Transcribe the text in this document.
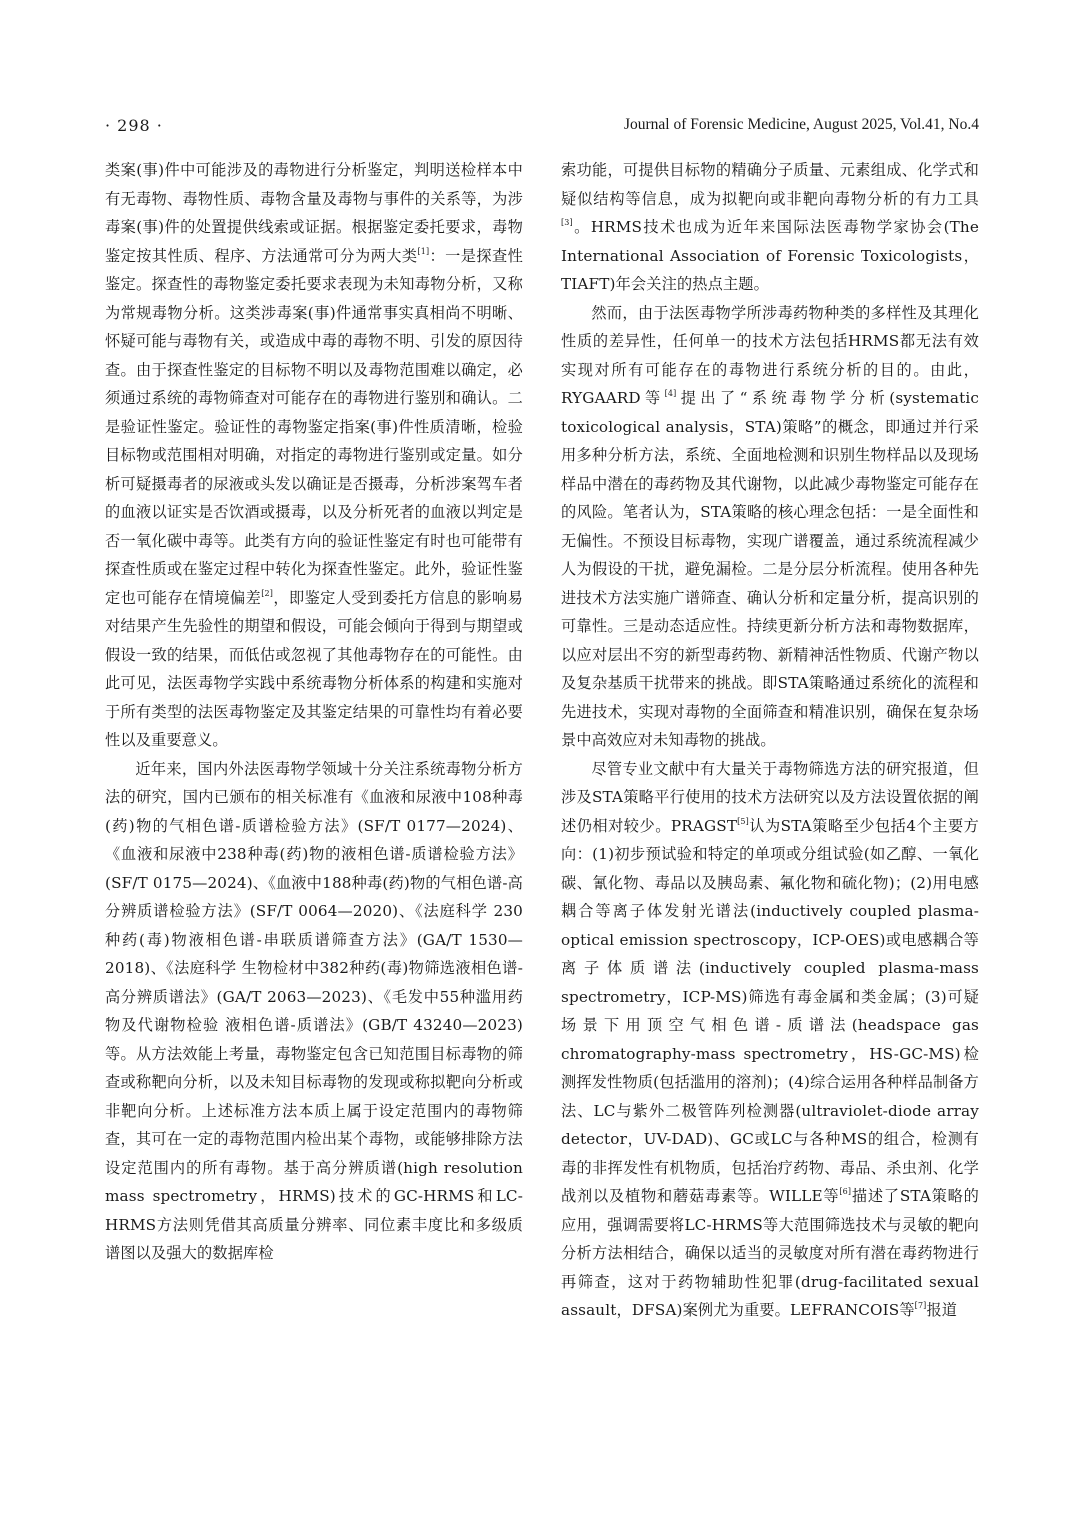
· 298 ·	Journal of Forensic Medicine, August 2025, Vol.41, No.4

类案(事)件中可能涉及的毒物进行分析鉴定，判明送检样本中有无毒物、毒物性质、毒物含量及毒物与事件的关系等，为涉毒案(事)件的处置提供线索或证据。根据鉴定委托要求，毒物鉴定按其性质、程序、方法通常可分为两大类[1]：一是探查性鉴定。探查性的毒物鉴定委托要求表现为未知毒物分析，又称为常规毒物分析。这类涉毒案(事)件通常事实真相尚不明晰、怀疑可能与毒物有关，或造成中毒的毒物不明、引发的原因待查。由于探查性鉴定的目标物不明以及毒物范围难以确定，必须通过系统的毒物筛查对可能存在的毒物进行鉴别和确认。二是验证性鉴定。验证性的毒物鉴定指案(事)件性质清晰，检验目标物或范围相对明确，对指定的毒物进行鉴别或定量。如分析可疑摄毒者的尿液或头发以确证是否摄毒，分析涉案驾车者的血液以证实是否饮酒或摄毒，以及分析死者的血液以判定是否一氧化碳中毒等。此类有方向的验证性鉴定有时也可能带有探查性质或在鉴定过程中转化为探查性鉴定。此外，验证性鉴定也可能存在情境偏差[2]，即鉴定人受到委托方信息的影响易对结果产生先验性的期望和假设，可能会倾向于得到与期望或假设一致的结果，而低估或忽视了其他毒物存在的可能性。由此可见，法医毒物学实践中系统毒物分析体系的构建和实施对于所有类型的法医毒物鉴定及其鉴定结果的可靠性均有着必要性以及重要意义。

近年来，国内外法医毒物学领域十分关注系统毒物分析方法的研究，国内已颁布的相关标准有《血液和尿液中108种毒(药)物的气相色谱-质谱检验方法》(SF/T 0177—2024)、《血液和尿液中238种毒(药)物的液相色谱-质谱检验方法》(SF/T 0175—2024)、《血液中188种毒(药)物的气相色谱-高分辨质谱检验方法》(SF/T 0064—2020)、《法庭科学 230种药(毒)物液相色谱-串联质谱筛查方法》(GA/T 1530—2018)、《法庭科学 生物检材中382种药(毒)物筛选液相色谱-高分辨质谱法》(GA/T 2063—2023)、《毛发中55种滥用药物及代谢物检验 液相色谱-质谱法》(GB/T 43240—2023)等。从方法效能上考量，毒物鉴定包含已知范围目标毒物的筛查或称靶向分析，以及未知目标毒物的发现或称拟靶向分析或非靶向分析。上述标准方法本质上属于设定范围内的毒物筛查，其可在一定的毒物范围内检出某个毒物，或能够排除方法设定范围内的所有毒物。基于高分辨质谱(high resolution mass spectrometry，HRMS)技术的GC-HRMS和LC-HRMS方法则凭借其高质量分辨率、同位素丰度比和多级质谱图以及强大的数据库检

索功能，可提供目标物的精确分子质量、元素组成、化学式和疑似结构等信息，成为拟靶向或非靶向毒物分析的有力工具[3]。HRMS技术也成为近年来国际法医毒物学家协会(The International Association of Forensic Toxicologists，TIAFT)年会关注的热点主题。

然而，由于法医毒物学所涉毒药物种类的多样性及其理化性质的差异性，任何单一的技术方法包括HRMS都无法有效实现对所有可能存在的毒物进行系统分析的目的。由此，RYGAARD等[4]提出了“系统毒物学分析(systematic toxicological analysis，STA)策略”的概念，即通过并行采用多种分析方法，系统、全面地检测和识别生物样品以及现场样品中潜在的毒药物及其代谢物，以此减少毒物鉴定可能存在的风险。笔者认为，STA策略的核心理念包括：一是全面性和无偏性。不预设目标毒物，实现广谱覆盖，通过系统流程减少人为假设的干扰，避免漏检。二是分层分析流程。使用各种先进技术方法实施广谱筛查、确认分析和定量分析，提高识别的可靠性。三是动态适应性。持续更新分析方法和毒物数据库，以应对层出不穷的新型毒药物、新精神活性物质、代谢产物以及复杂基质干扰带来的挑战。即STA策略通过系统化的流程和先进技术，实现对毒物的全面筛查和精准识别，确保在复杂场景中高效应对未知毒物的挑战。

尽管专业文献中有大量关于毒物筛选方法的研究报道，但涉及STA策略平行使用的技术方法研究以及方法设置依据的阐述仍相对较少。PRAGST[5]认为STA策略至少包括4个主要方向：(1)初步预试验和特定的单项或分组试验(如乙醇、一氧化碳、氰化物、毒品以及胰岛素、氟化物和硫化物)；(2)用电感耦合等离子体发射光谱法(inductively coupled plasma-optical emission spectroscopy，ICP-OES)或电感耦合等离子体质谱法(inductively coupled plasma-mass spectrometry，ICP-MS)筛选有毒金属和类金属；(3)可疑场景下用顶空气相色谱-质谱法(headspace gas chromatography-mass spectrometry，HS-GC-MS)检测挥发性物质(包括滥用的溶剂)；(4)综合运用各种样品制备方法、LC与紫外二极管阵列检测器(ultraviolet-diode array detector，UV-DAD)、GC或LC与各种MS的组合，检测有毒的非挥发性有机物质，包括治疗药物、毒品、杀虫剂、化学战剂以及植物和蘑菇毒素等。WILLE等[6]描述了STA策略的应用，强调需要将LC-HRMS等大范围筛选技术与灵敏的靶向分析方法相结合，确保以适当的灵敏度对所有潜在毒药物进行再筛查，这对于药物辅助性犯罪(drug-facilitated sexual assault，DFSA)案例尤为重要。LEFRANCOIS等[7]报道
